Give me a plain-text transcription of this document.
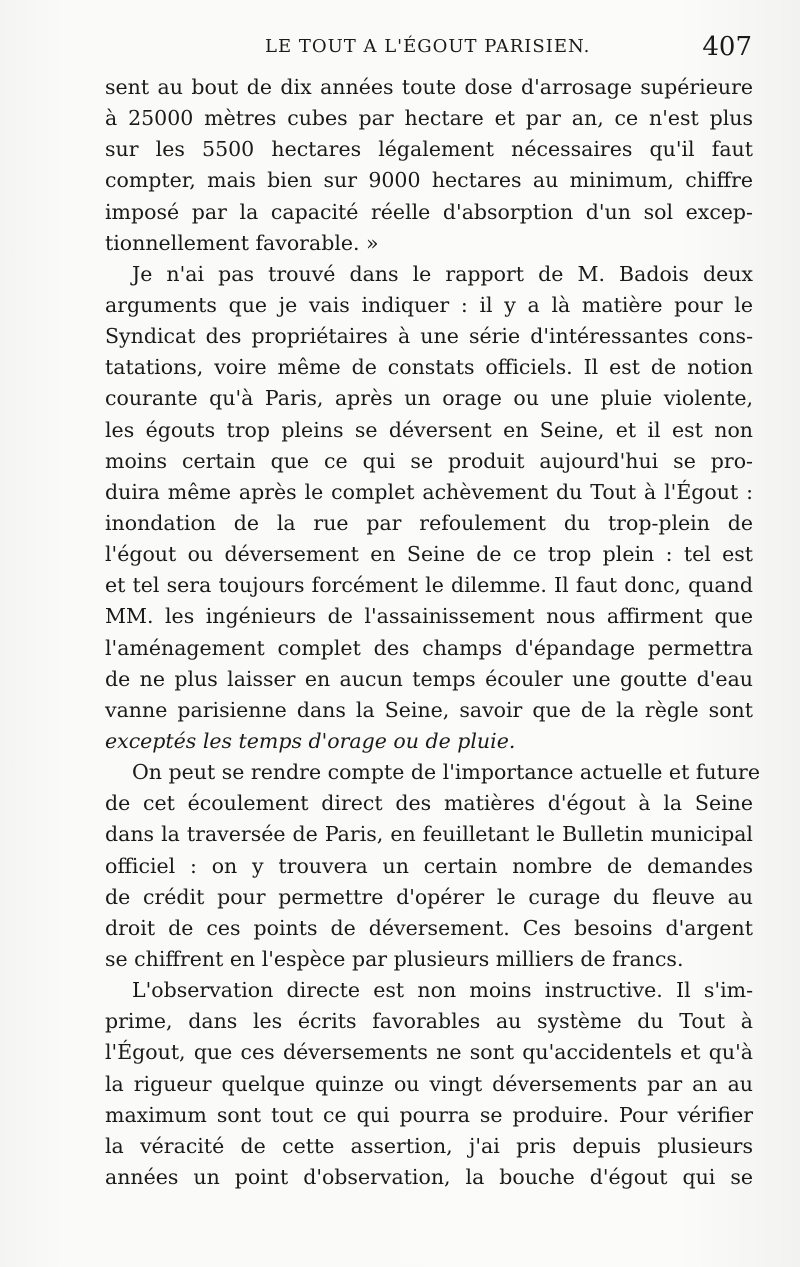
LE TOUT A L'ÉGOUT PARISIEN.	407
sent au bout de dix années toute dose d'arrosage supérieure
à 25000 mètres cubes par hectare et par an, ce n'est plus
sur les 5500 hectares légalement nécessaires qu'il faut
compter, mais bien sur 9000 hectares au minimum, chiffre
imposé par la capacité réelle d'absorption d'un sol excep-
tionnellement favorable. »
Je n'ai pas trouvé dans le rapport de M. Badois deux
arguments que je vais indiquer : il y a là matière pour le
Syndicat des propriétaires à une série d'intéressantes cons-
tatations, voire même de constats officiels. Il est de notion
courante qu'à Paris, après un orage ou une pluie violente,
les égouts trop pleins se déversent en Seine, et il est non
moins certain que ce qui se produit aujourd'hui se pro-
duira même après le complet achèvement du Tout à l'Égout :
inondation de la rue par refoulement du trop-plein de
l'égout ou déversement en Seine de ce trop plein : tel est
et tel sera toujours forcément le dilemme. Il faut donc, quand
MM. les ingénieurs de l'assainissement nous affirment que
l'aménagement complet des champs d'épandage permettra
de ne plus laisser en aucun temps écouler une goutte d'eau
vanne parisienne dans la Seine, savoir que de la règle sont
exceptés les temps d'orage ou de pluie.
On peut se rendre compte de l'importance actuelle et future
de cet écoulement direct des matières d'égout à la Seine
dans la traversée de Paris, en feuilletant le Bulletin municipal
officiel : on y trouvera un certain nombre de demandes
de crédit pour permettre d'opérer le curage du fleuve au
droit de ces points de déversement. Ces besoins d'argent
se chiffrent en l'espèce par plusieurs milliers de francs.
L'observation directe est non moins instructive. Il s'im-
prime, dans les écrits favorables au système du Tout à
l'Égout, que ces déversements ne sont qu'accidentels et qu'à
la rigueur quelque quinze ou vingt déversements par an au
maximum sont tout ce qui pourra se produire. Pour vérifier
la véracité de cette assertion, j'ai pris depuis plusieurs
années un point d'observation, la bouche d'égout qui se
